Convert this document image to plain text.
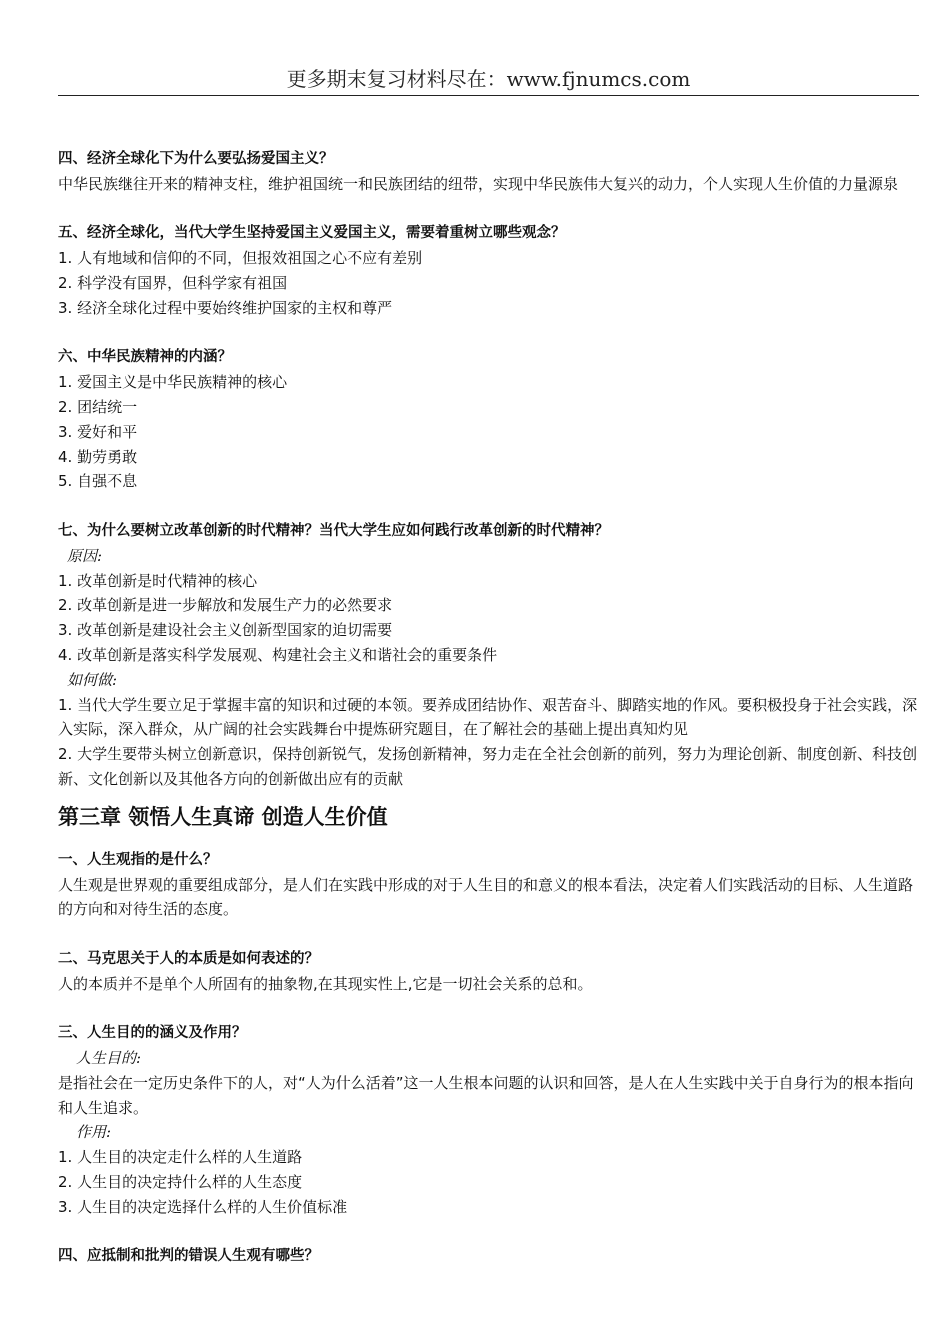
更多期末复习材料尽在：www.fjnumcs.com

四、经济全球化下为什么要弘扬爱国主义？

中华民族继往开来的精神支柱，维护祖国统一和民族团结的纽带，实现中华民族伟大复兴的动力，个人实现人生价值的力量源泉

五、经济全球化，当代大学生坚持爱国主义爱国主义，需要着重树立哪些观念？

1. 人有地域和信仰的不同，但报效祖国之心不应有差别

2. 科学没有国界，但科学家有祖国

3. 经济全球化过程中要始终维护国家的主权和尊严

六、中华民族精神的内涵？

1. 爱国主义是中华民族精神的核心

2. 团结统一

3. 爱好和平

4. 勤劳勇敢

5. 自强不息

七、为什么要树立改革创新的时代精神？当代大学生应如何践行改革创新的时代精神？

原因:

1. 改革创新是时代精神的核心

2. 改革创新是进一步解放和发展生产力的必然要求

3. 改革创新是建设社会主义创新型国家的迫切需要

4. 改革创新是落实科学发展观、构建社会主义和谐社会的重要条件

如何做:

1. 当代大学生要立足于掌握丰富的知识和过硬的本领。要养成团结协作、艰苦奋斗、脚踏实地的作风。要积极投身于社会实践，深入实际，深入群众，从广阔的社会实践舞台中提炼研究题目，在了解社会的基础上提出真知灼见

2. 大学生要带头树立创新意识，保持创新锐气，发扬创新精神，努力走在全社会创新的前列，努力为理论创新、制度创新、科技创新、文化创新以及其他各方向的创新做出应有的贡献

第三章 领悟人生真谛 创造人生价值

一、人生观指的是什么？

人生观是世界观的重要组成部分，是人们在实践中形成的对于人生目的和意义的根本看法，决定着人们实践活动的目标、人生道路的方向和对待生活的态度。

二、马克思关于人的本质是如何表述的？

人的本质并不是单个人所固有的抽象物,在其现实性上,它是一切社会关系的总和。

三、人生目的的涵义及作用？

人生目的:

是指社会在一定历史条件下的人，对“人为什么活着”这一人生根本问题的认识和回答，是人在人生实践中关于自身行为的根本指向和人生追求。

作用:

1. 人生目的决定走什么样的人生道路

2. 人生目的决定持什么样的人生态度

3. 人生目的决定选择什么样的人生价值标准

四、应抵制和批判的错误人生观有哪些？
